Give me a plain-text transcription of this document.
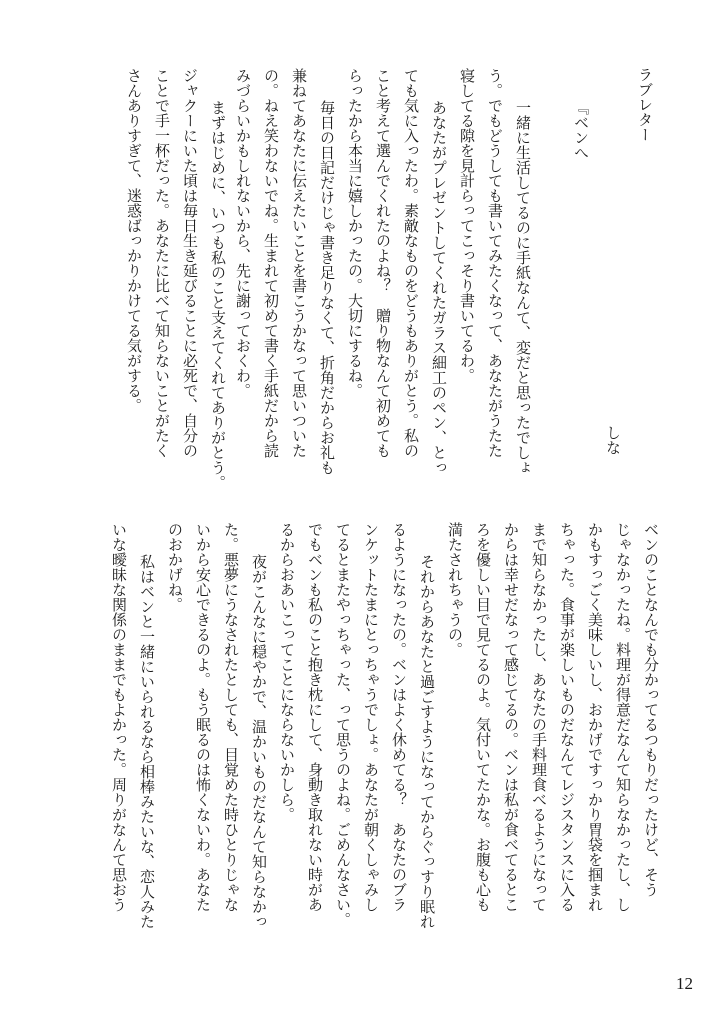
ラブレター
しな
『ベンへ
一緒に生活してるのに手紙なんて、変だと思ったでしょ
う。でもどうしても書いてみたくなって、あなたがうたた
寝してる隙を見計らってこっそり書いてるわ。
あなたがプレゼントしてくれたガラス細工のペン、とっ
ても気に入ったわ。素敵なものをどうもありがとう。私の
こと考えて選んでくれたのよね？　贈り物なんて初めても
らったから本当に嬉しかったの。大切にするね。
毎日の日記だけじゃ書き足りなくて、折角だからお礼も
兼ねてあなたに伝えたいことを書こうかなって思いついた
の。ねえ笑わないでね。生まれて初めて書く手紙だから読
みづらいかもしれないから、先に謝っておくわ。
まずはじめに、いつも私のこと支えてくれてありがとう。
ジャクーにいた頃は毎日生き延びることに必死で、自分の
ことで手一杯だった。あなたに比べて知らないことがたく
さんありすぎて、迷惑ばっかりかけてる気がする。
ベンのことなんでも分かってるつもりだったけど、そう
じゃなかったね。料理が得意だなんて知らなかったし、し
かもすっごく美味しいし、おかげですっかり胃袋を掴まれ
ちゃった。食事が楽しいものだなんてレジスタンスに入る
まで知らなかったし、あなたの手料理食べるようになって
からは幸せだなって感じてるの。ベンは私が食べてるとこ
ろを優しい目で見てるのよ。気付いてたかな。お腹も心も
満たされちゃうの。
それからあなたと過ごすようになってからぐっすり眠れ
るようになったの。ベンはよく休めてる？　あなたのブラ
ンケットたまにとっちゃうでしょ。あなたが朝くしゃみし
てるとまたやっちゃった、って思うのよね。ごめんなさい。
でもベンも私のこと抱き枕にして、身動き取れない時があ
るからおあいこってことにならないかしら。
夜がこんなに穏やかで、温かいものだなんて知らなかっ
た。悪夢にうなされたとしても、目覚めた時ひとりじゃな
いから安心できるのよ。もう眠るのは怖くないわ。あなた
のおかげね。
私はベンと一緒にいられるなら相棒みたいな、恋人みた
いな曖昧な関係のままでもよかった。周りがなんて思おう
12
